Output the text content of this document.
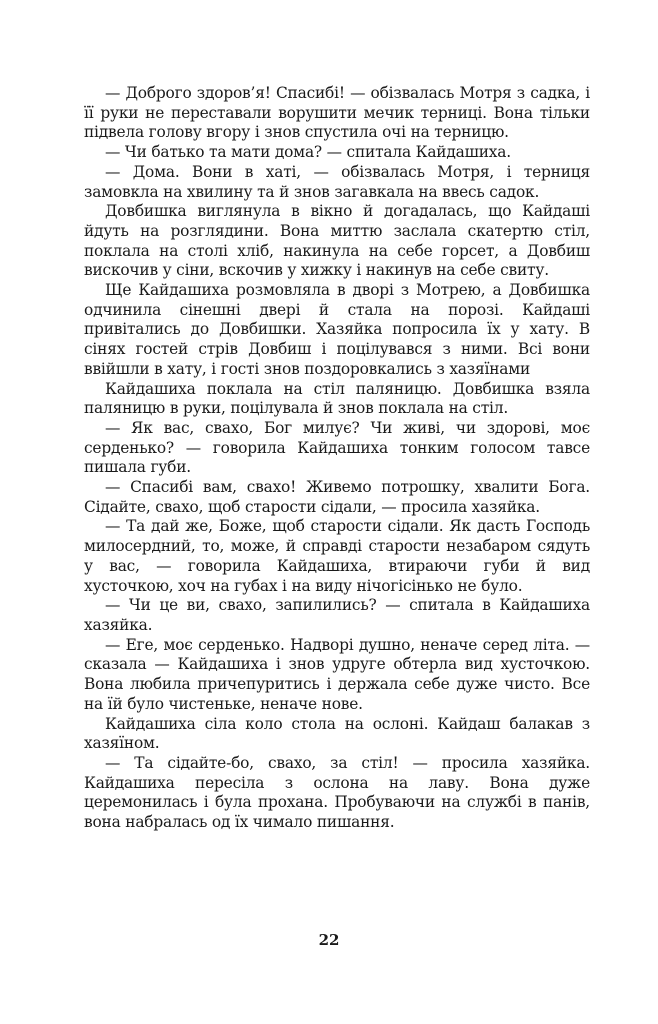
— Доброго здоров’я! Спасибі! — обізвалась Мотря з садка, і її руки не переставали ворушити мечик терниці. Вона тільки підвела голову вгору і знов спустила очі на терницю.

— Чи батько та мати дома? — спитала Кайдашиха.

— Дома. Вони в хаті, — обізвалась Мотря, і терниця замовкла на хвилину та й знов загавкала на ввесь садок.

Довбишка виглянула в вікно й догадалась, що Кайдаші йдуть на розглядини. Вона миттю заслала скатертю стіл, поклала на столі хліб, накинула на себе горсет, а Довбиш вискочив у сіни, вскочив у хижку і накинув на себе свиту.

Ще Кайдашиха розмовляла в дворі з Мотрею, а Довбишка одчинила сінешні двері й стала на порозі. Кайдаші привітались до Довбишки. Хазяйка попросила їх у хату. В сінях гостей стрів Довбиш і поцілувався з ними. Всі вони ввійшли в хату, і гості знов поздоровкались з хазяїнами

Кайдашиха поклала на стіл паляницю. Довбишка взяла паляницю в руки, поцілувала й знов поклала на стіл.

— Як вас, свахо, Бог милує? Чи живі, чи здорові, моє серденько? — говорила Кайдашиха тонким голосом тавсе пишала губи.

— Спасибі вам, свахо! Живемо потрошку, хвалити Бога. Сідайте, свахо, щоб старости сідали, — просила хазяйка.

— Та дай же, Боже, щоб старости сідали. Як дасть Господь милосердний, то, може, й справді старости незабаром сядуть у вас, — говорила Кайдашиха, втираючи губи й вид хусточкою, хоч на губах і на виду нічогісінько не було.

— Чи це ви, свахо, запилились? — спитала в Кайдашиха хазяйка.

— Еге, моє серденько. Надворі душно, неначе серед літа. — сказала — Кайдашиха і знов удруге обтерла вид хусточкою. Вона любила причепуритись і держала себе дуже чисто. Все на їй було чистеньке, неначе нове.

Кайдашиха сіла коло стола на ослоні. Кайдаш балакав з хазяїном.

— Та сідайте-бо, свахо, за стіл! — просила хазяйка. Кайдашиха пересіла з ослона на лаву. Вона дуже церемонилась і була прохана. Пробуваючи на службі в панів, вона набралась од їх чимало пишання.

22
